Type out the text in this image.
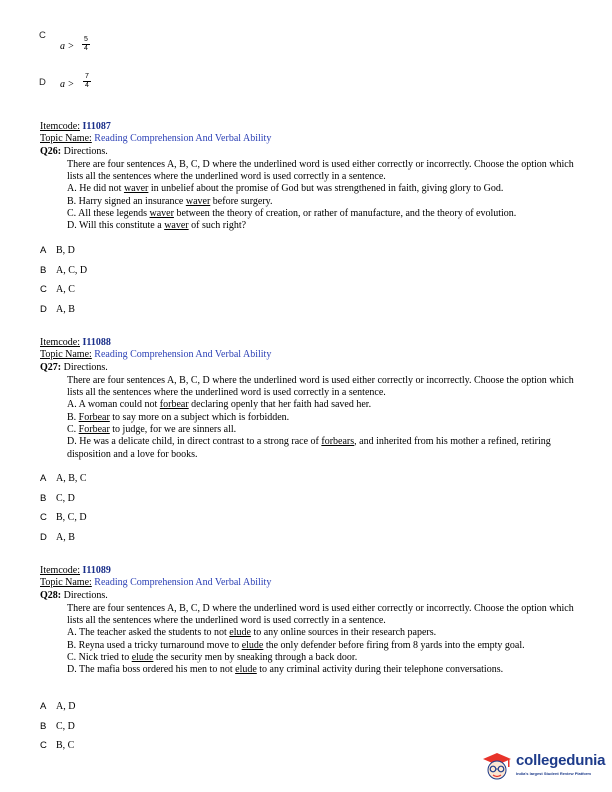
C
a >
5
4
D a >
7
4
Itemcode: I11087
Topic Name: Reading Comprehension And Verbal Ability
Q26: Directions.

There are four sentences A, B, C, D where the underlined word is used either correctly or incorrectly. Choose the option which lists all the sentences where the underlined word is used correctly in a sentence.

A. He did not waver in unbelief about the promise of God but was strengthened in faith, giving glory to God.

B. Harry signed an insurance waver before surgery.

C. All these legends waver between the theory of creation, or rather of manufacture, and the theory of evolution.

D. Will this constitute a waver of such right?

A B, D
B A, C, D
C A, C
D A, B
Itemcode: I11088
Topic Name: Reading Comprehension And Verbal Ability
Q27: Directions.

There are four sentences A, B, C, D where the underlined word is used either correctly or incorrectly. Choose the option which lists all the sentences where the underlined word is used correctly in a sentence.

A. A woman could not forbear declaring openly that her faith had saved her.

B. Forbear to say more on a subject which is forbidden.

C. Forbear to judge, for we are sinners all.

D. He was a delicate child, in direct contrast to a strong race of forbears, and inherited from his mother a refined, retiring disposition and a love for books.

A A, B, C
B C, D
C B, C, D
D A, B
Itemcode: I11089
Topic Name: Reading Comprehension And Verbal Ability
Q28: Directions.

There are four sentences A, B, C, D where the underlined word is used either correctly or incorrectly. Choose the option which lists all the sentences where the underlined word is used correctly in a sentence.

A. The teacher asked the students to not elude to any online sources in their research papers.

B. Reyna used a tricky turnaround move to elude the only defender before firing from 8 yards into the empty goal.

C. Nick tried to elude the security men by sneaking through a back door.

D. The mafia boss ordered his men to not elude to any criminal activity during their telephone conversations.

A A, D
B C, D
C B, C
collegedunia
India's largest Student Review Platform
